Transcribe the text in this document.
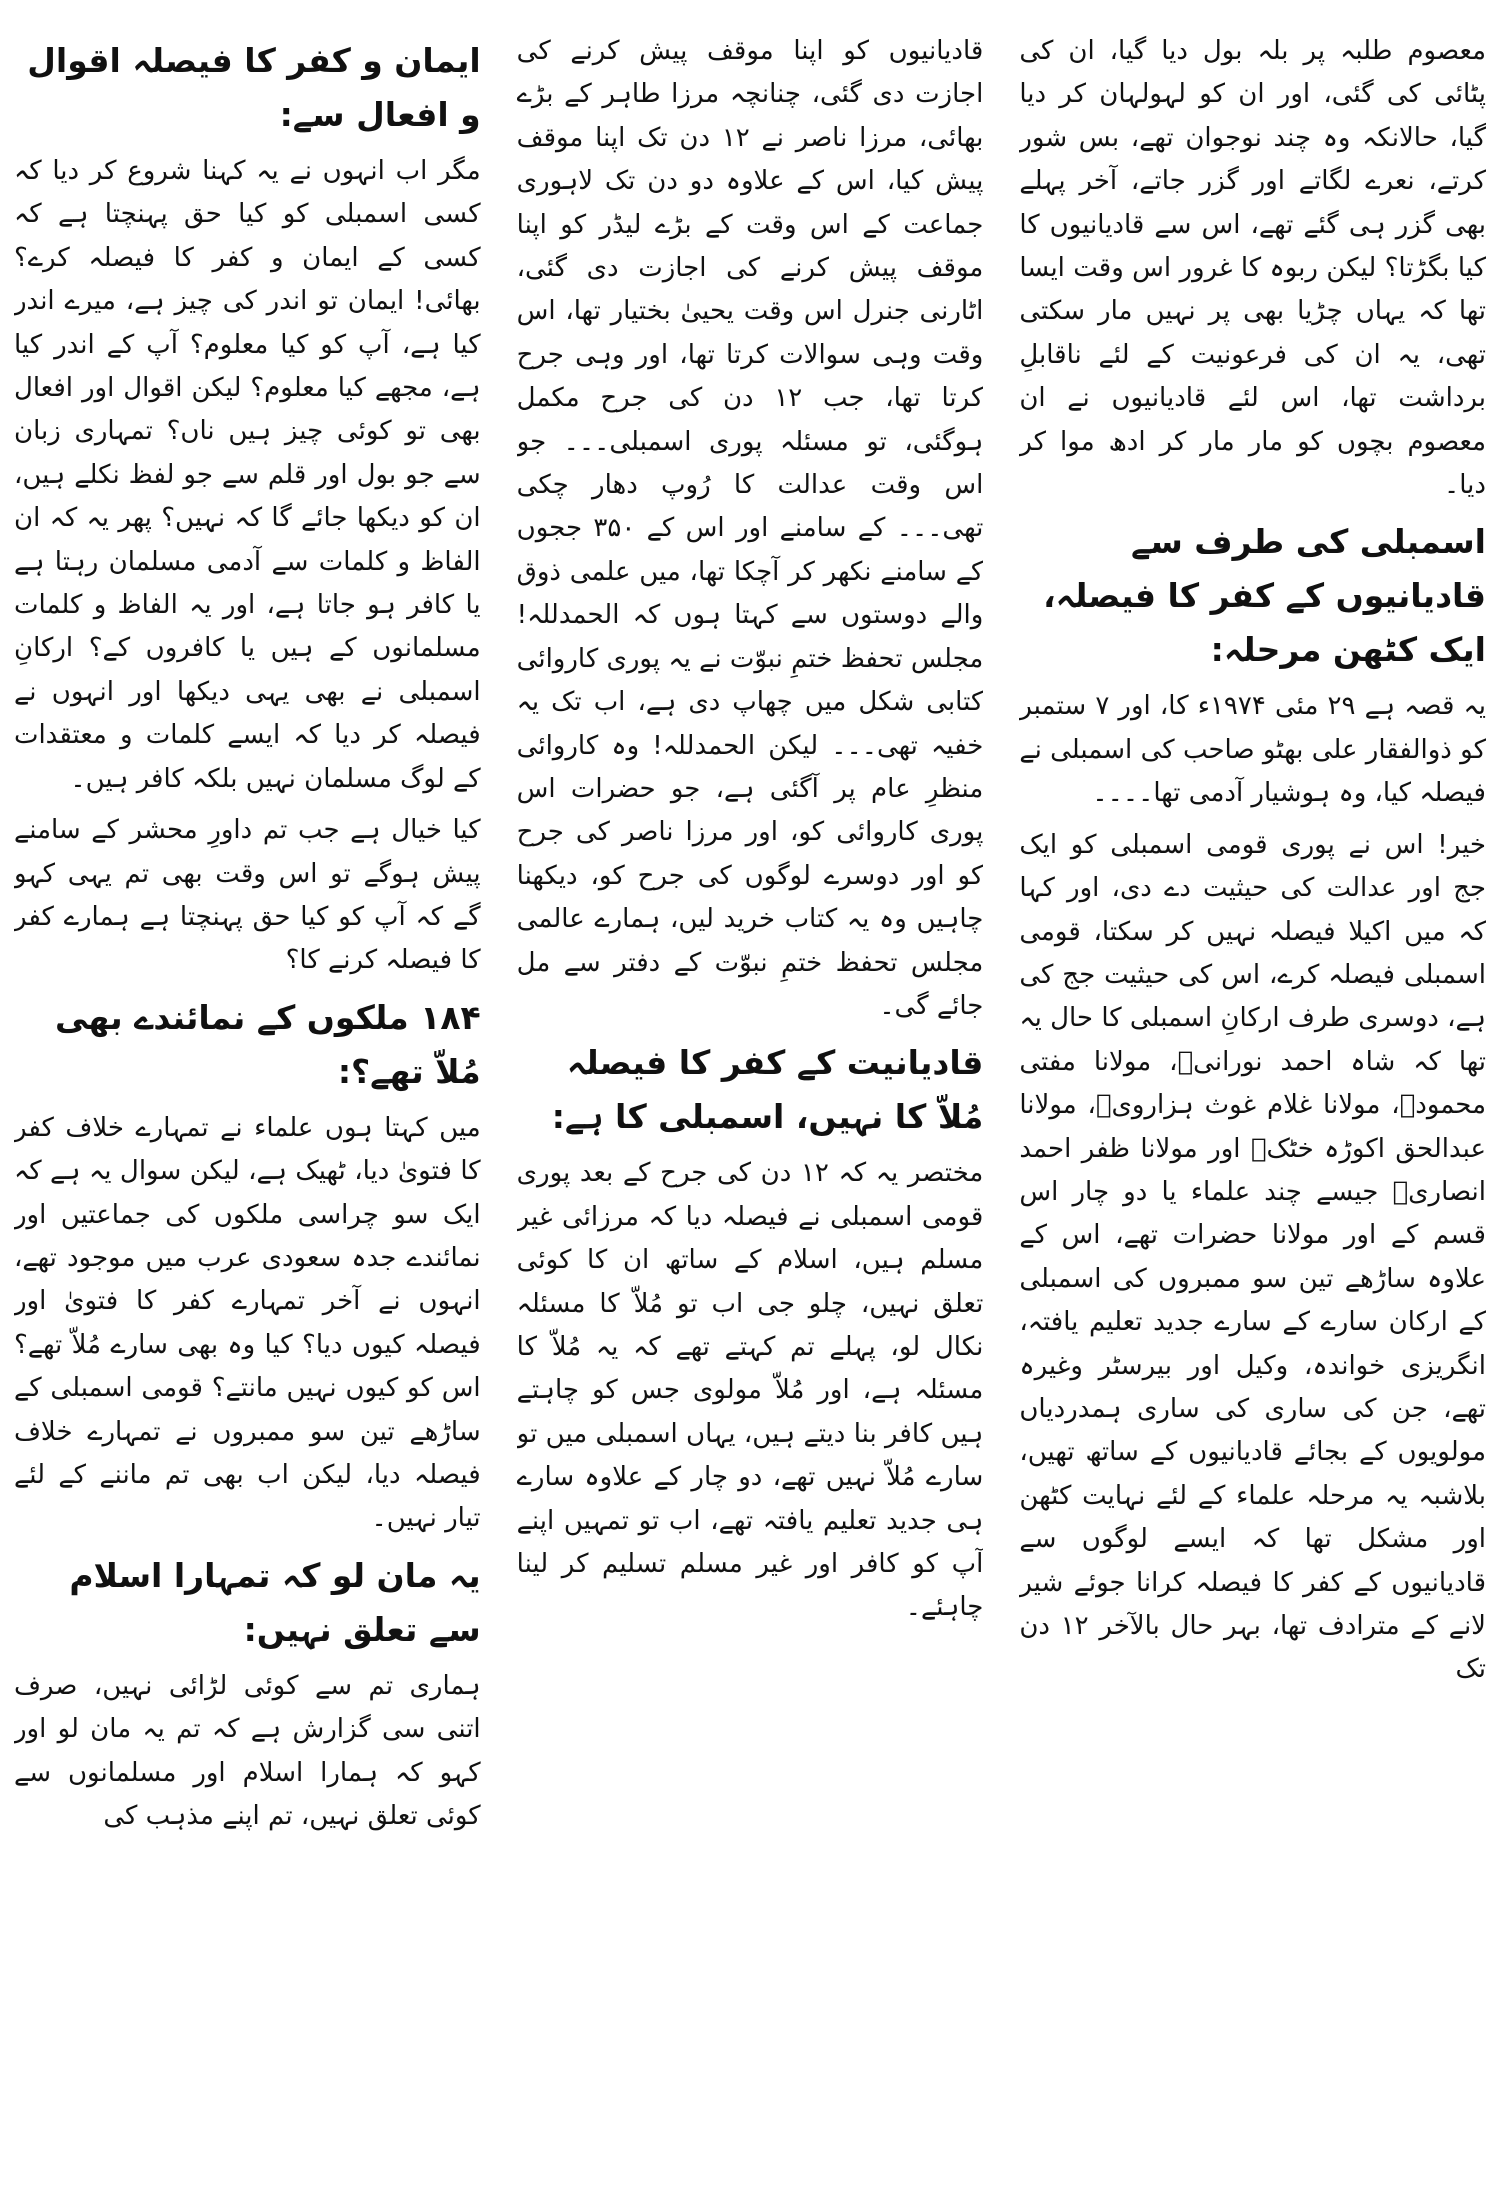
معصوم طلبہ پر بلہ بول دیا گیا، ان کی پٹائی کی گئی، اور ان کو لہولہان کر دیا گیا، حالانکہ وہ چند نوجوان تھے، بس شور کرتے، نعرے لگاتے اور گزر جاتے، آخر پہلے بھی گزر ہی گئے تھے، اس سے قادیانیوں کا کیا بگڑتا؟ لیکن ربوہ کا غرور اس وقت ایسا تھا کہ یہاں چڑیا بھی پر نہیں مار سکتی تھی، یہ ان کی فرعونیت کے لئے ناقابلِ برداشت تھا، اس لئے قادیانیوں نے ان معصوم بچوں کو مار مار کر ادھ موا کر دیا۔

اسمبلی کی طرف سے قادیانیوں کے کفر کا فیصلہ، ایک کٹھن مرحلہ:

یہ قصہ ہے ۲۹ مئی ۱۹۷۴ء کا، اور ۷ ستمبر کو ذوالفقار علی بھٹو صاحب کی اسمبلی نے فیصلہ کیا، وہ ہوشیار آدمی تھا۔۔۔۔

خیر! اس نے پوری قومی اسمبلی کو ایک جج اور عدالت کی حیثیت دے دی، اور کہا کہ میں اکیلا فیصلہ نہیں کر سکتا، قومی اسمبلی فیصلہ کرے، اس کی حیثیت جج کی ہے، دوسری طرف ارکانِ اسمبلی کا حال یہ تھا کہ شاہ احمد نورانیؒ، مولانا مفتی محمودؒ، مولانا غلام غوث ہزارویؒ، مولانا عبدالحق اکوڑہ خٹکؒ اور مولانا ظفر احمد انصاریؒ جیسے چند علماء یا دو چار اس قسم کے اور مولانا حضرات تھے، اس کے علاوہ ساڑھے تین سو ممبروں کی اسمبلی کے ارکان سارے کے سارے جدید تعلیم یافتہ، انگریزی خواندہ، وکیل اور بیرسٹر وغیرہ تھے، جن کی ساری کی ساری ہمدردیاں مولویوں کے بجائے قادیانیوں کے ساتھ تھیں، بلاشبہ یہ مرحلہ علماء کے لئے نہایت کٹھن اور مشکل تھا کہ ایسے لوگوں سے قادیانیوں کے کفر کا فیصلہ کرانا جوئے شیر لانے کے مترادف تھا، بہر حال بالآخر ۱۲ دن تک

قادیانیوں کو اپنا موقف پیش کرنے کی اجازت دی گئی، چنانچہ مرزا طاہر کے بڑے بھائی، مرزا ناصر نے ۱۲ دن تک اپنا موقف پیش کیا، اس کے علاوہ دو دن تک لاہوری جماعت کے اس وقت کے بڑے لیڈر کو اپنا موقف پیش کرنے کی اجازت دی گئی، اٹارنی جنرل اس وقت یحییٰ بختیار تھا، اس وقت وہی سوالات کرتا تھا، اور وہی جرح کرتا تھا، جب ۱۲ دن کی جرح مکمل ہوگئی، تو مسئلہ پوری اسمبلی۔۔۔ جو اس وقت عدالت کا رُوپ دھار چکی تھی۔۔۔ کے سامنے اور اس کے ۳۵۰ ججوں کے سامنے نکھر کر آچکا تھا، میں علمی ذوق والے دوستوں سے کہتا ہوں کہ الحمدللہ! مجلس تحفظ ختمِ نبوّت نے یہ پوری کاروائی کتابی شکل میں چھاپ دی ہے، اب تک یہ خفیہ تھی۔۔۔ لیکن الحمدللہ! وہ کاروائی منظرِ عام پر آگئی ہے، جو حضرات اس پوری کاروائی کو، اور مرزا ناصر کی جرح کو اور دوسرے لوگوں کی جرح کو، دیکھنا چاہیں وہ یہ کتاب خرید لیں، ہمارے عالمی مجلس تحفظ ختمِ نبوّت کے دفتر سے مل جائے گی۔

قادیانیت کے کفر کا فیصلہ مُلاّ کا نہیں، اسمبلی کا ہے:

مختصر یہ کہ ۱۲ دن کی جرح کے بعد پوری قومی اسمبلی نے فیصلہ دیا کہ مرزائی غیر مسلم ہیں، اسلام کے ساتھ ان کا کوئی تعلق نہیں، چلو جی اب تو مُلاّ کا مسئلہ نکال لو، پہلے تم کہتے تھے کہ یہ مُلاّ کا مسئلہ ہے، اور مُلاّ مولوی جس کو چاہتے ہیں کافر بنا دیتے ہیں، یہاں اسمبلی میں تو سارے مُلاّ نہیں تھے، دو چار کے علاوہ سارے ہی جدید تعلیم یافتہ تھے، اب تو تمہیں اپنے آپ کو کافر اور غیر مسلم تسلیم کر لینا چاہئے۔

ایمان و کفر کا فیصلہ اقوال و افعال سے:

مگر اب انہوں نے یہ کہنا شروع کر دیا کہ کسی اسمبلی کو کیا حق پہنچتا ہے کہ کسی کے ایمان و کفر کا فیصلہ کرے؟ بھائی! ایمان تو اندر کی چیز ہے، میرے اندر کیا ہے، آپ کو کیا معلوم؟ آپ کے اندر کیا ہے، مجھے کیا معلوم؟ لیکن اقوال اور افعال بھی تو کوئی چیز ہیں ناں؟ تمہاری زبان سے جو بول اور قلم سے جو لفظ نکلے ہیں، ان کو دیکھا جائے گا کہ نہیں؟ پھر یہ کہ ان الفاظ و کلمات سے آدمی مسلمان رہتا ہے یا کافر ہو جاتا ہے، اور یہ الفاظ و کلمات مسلمانوں کے ہیں یا کافروں کے؟ ارکانِ اسمبلی نے بھی یہی دیکھا اور انہوں نے فیصلہ کر دیا کہ ایسے کلمات و معتقدات کے لوگ مسلمان نہیں بلکہ کافر ہیں۔

کیا خیال ہے جب تم داورِ محشر کے سامنے پیش ہوگے تو اس وقت بھی تم یہی کہو گے کہ آپ کو کیا حق پہنچتا ہے ہمارے کفر کا فیصلہ کرنے کا؟

۱۸۴ ملکوں کے نمائندے بھی مُلاّ تھے؟:

میں کہتا ہوں علماء نے تمہارے خلاف کفر کا فتویٰ دیا، ٹھیک ہے، لیکن سوال یہ ہے کہ ایک سو چراسی ملکوں کی جماعتیں اور نمائندے جدہ سعودی عرب میں موجود تھے، انہوں نے آخر تمہارے کفر کا فتویٰ اور فیصلہ کیوں دیا؟ کیا وہ بھی سارے مُلاّ تھے؟ اس کو کیوں نہیں مانتے؟ قومی اسمبلی کے ساڑھے تین سو ممبروں نے تمہارے خلاف فیصلہ دیا، لیکن اب بھی تم ماننے کے لئے تیار نہیں۔

یہ مان لو کہ تمہارا اسلام سے تعلق نہیں:

ہماری تم سے کوئی لڑائی نہیں، صرف اتنی سی گزارش ہے کہ تم یہ مان لو اور کہو کہ ہمارا اسلام اور مسلمانوں سے کوئی تعلق نہیں، تم اپنے مذہب کی
